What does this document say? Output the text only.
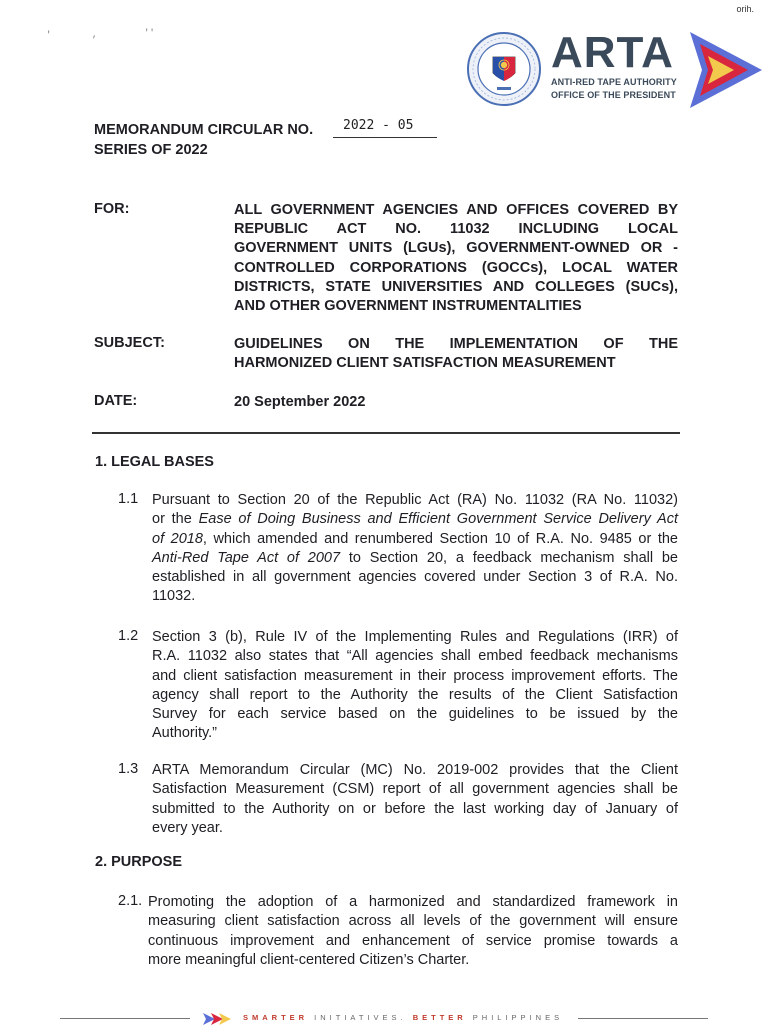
'	,	''
orih.
ARTA
ANTI-RED TAPE AUTHORITY
OFFICE OF THE PRESIDENT
MEMORANDUM CIRCULAR NO. 2022 - 05
SERIES OF 2022
FOR:	ALL GOVERNMENT AGENCIES AND OFFICES COVERED BY
REPUBLIC ACT NO. 11032 INCLUDING LOCAL
GOVERNMENT UNITS (LGUs), GOVERNMENT-OWNED OR -
CONTROLLED CORPORATIONS (GOCCs), LOCAL WATER
DISTRICTS, STATE UNIVERSITIES AND COLLEGES (SUCs),
AND OTHER GOVERNMENT INSTRUMENTALITIES
SUBJECT:	GUIDELINES ON THE IMPLEMENTATION OF THE
HARMONIZED CLIENT SATISFACTION MEASUREMENT
DATE:	20 September 2022
1. LEGAL BASES
1.1 Pursuant to Section 20 of the Republic Act (RA) No. 11032 (RA No. 11032)
or the Ease of Doing Business and Efficient Government Service Delivery Act
of 2018, which amended and renumbered Section 10 of R.A. No. 9485 or the
Anti-Red Tape Act of 2007 to Section 20, a feedback mechanism shall be
established in all government agencies covered under Section 3 of R.A. No.
11032.
1.2 Section 3 (b), Rule IV of the Implementing Rules and Regulations (IRR) of
R.A. 11032 also states that “All agencies shall embed feedback mechanisms
and client satisfaction measurement in their process improvement efforts. The
agency shall report to the Authority the results of the Client Satisfaction
Survey for each service based on the guidelines to be issued by the
Authority.”
1.3 ARTA Memorandum Circular (MC) No. 2019-002 provides that the Client
Satisfaction Measurement (CSM) report of all government agencies shall be
submitted to the Authority on or before the last working day of January of
every year.
2. PURPOSE
2.1. Promoting the adoption of a harmonized and standardized framework in
measuring client satisfaction across all levels of the government will ensure
continuous improvement and enhancement of service promise towards a
more meaningful client-centered Citizen’s Charter.
SMARTER INITIATIVES. BETTER PHILIPPINES
